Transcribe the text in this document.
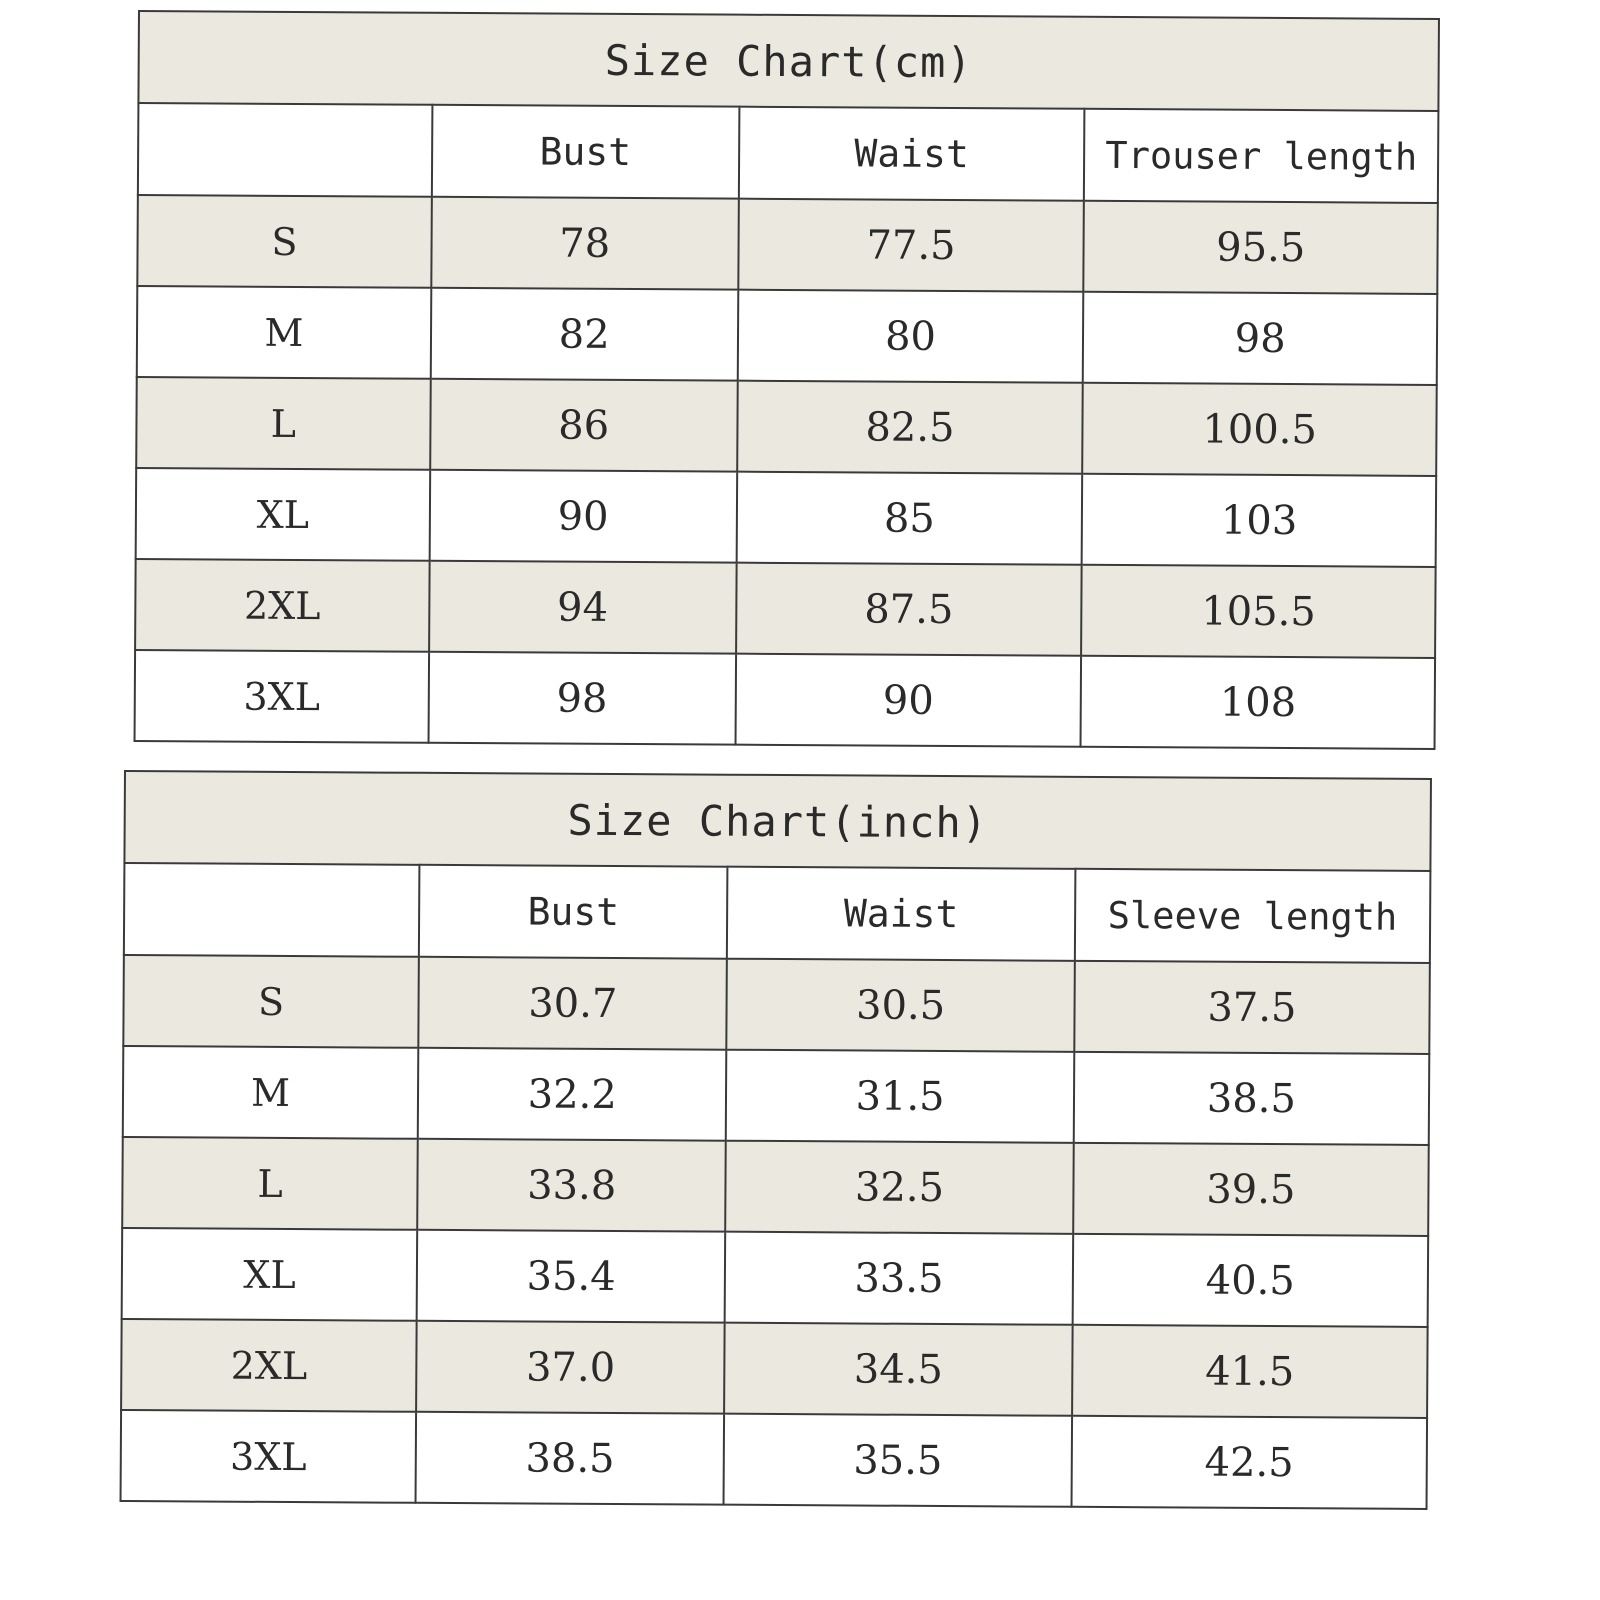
Size Chart(cm)			
	Bust	Waist	Trouser length
S	78	77.5	95.5
M	82	80	98
L	86	82.5	100.5
XL	90	85	103
2XL	94	87.5	105.5
3XL	98	90	108
Size Chart(inch)			
	Bust	Waist	Sleeve length
S	30.7	30.5	37.5
M	32.2	31.5	38.5
L	33.8	32.5	39.5
XL	35.4	33.5	40.5
2XL	37.0	34.5	41.5
3XL	38.5	35.5	42.5
